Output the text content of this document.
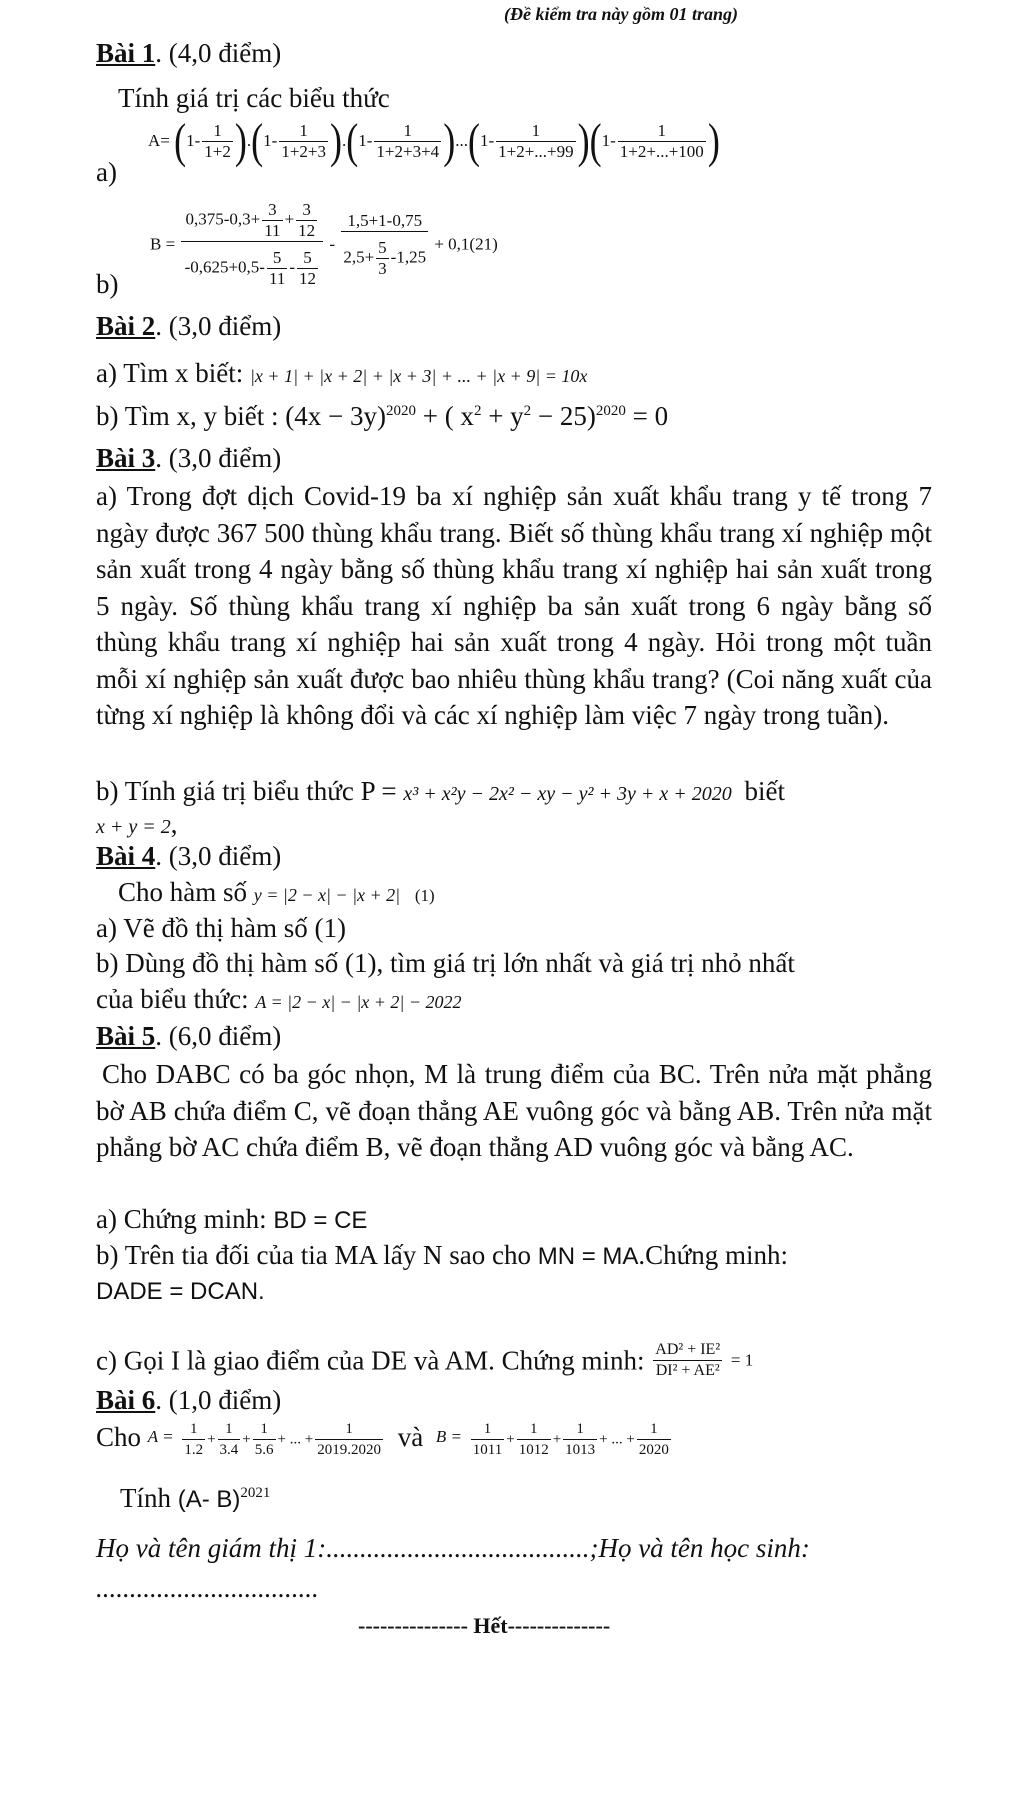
(Đề kiểm tra này gồm 01 trang)
Bài 1. (4,0 điểm)
Tính giá trị các biểu thức
a)
$A= (1- \frac{1}{1+2} ).(1- \frac{1}{1+2+3} ).(1- \frac{1}{1+2+3+4} )...(1- \frac{1}{1+2+...+99} )(1- \frac{1}{1+2+...+100}$ )
b)
$B = \frac{0,375-0,3+ \frac{3}{11} + \frac{3}{12}}{-0,625+0,5- \frac{5}{11} - \frac{5}{12}} - \frac{1,5+1-0,75}{2,5+ \frac{5}{3} -1,25} + 0,1(21)$
Bài 2. (3,0 điểm)
a) Tìm x biết: |x + 1| + |x + 2| + |x + 3| + ... + |x + 9| = 10x
b) Tìm x, y biết : $(4x - 3y)^{2020}$ + ( $x^2 + y^2 - 25)^{2020} = 0$
Bài 3. (3,0 điểm)
a) Trong đợt dịch Covid-19 ba xí nghiệp sản xuất khẩu trang y tế trong 7 ngày được 367 500 thùng khẩu trang. Biết số thùng khẩu trang xí nghiệp một sản xuất trong 4 ngày bằng số thùng khẩu trang xí nghiệp hai sản xuất trong 5 ngày. Số thùng khẩu trang xí nghiệp ba sản xuất trong 6 ngày bằng số thùng khẩu trang xí nghiệp hai sản xuất trong 4 ngày. Hỏi trong một tuần mỗi xí nghiệp sản xuất được bao nhiêu thùng khẩu trang? (Coi năng xuất của từng xí nghiệp là không đổi và các xí nghiệp làm việc 7 ngày trong tuần).
b) Tính giá trị biểu thức P = x³ + x²y − 2x² − xy − y² + 3y + x + 2020 biết
x + y = 2,
Bài 4. (3,0 điểm)
Cho hàm số y = |2 − x| − |x + 2| (1)
a) Vẽ đồ thị hàm số (1)
b) Dùng đồ thị hàm số (1), tìm giá trị lớn nhất và giá trị nhỏ nhất
của biểu thức: A = |2 − x| − |x + 2| − 2022
Bài 5. (6,0 điểm)
Cho DABC có ba góc nhọn, M là trung điểm của BC. Trên nửa mặt phẳng bờ AB chứa điểm C, vẽ đoạn thẳng AE vuông góc và bằng AB. Trên nửa mặt phẳng bờ AC chứa điểm B, vẽ đoạn thẳng AD vuông góc và bằng AC.
a) Chứng minh: BD = CE
b) Trên tia đối của tia MA lấy N sao cho MN = MA.Chứng minh:
DADE = DCAN.
c) Gọi I là giao điểm của DE và AM. Chứng minh: $\frac{\text{AD² + IE²}}{\text{DI² + AE²}} = 1$
Bài 6. (1,0 điểm)
Cho $A = \frac{1}{1.2} + \frac{1}{3.4} + \frac{1}{5.6}$ + ... + $\frac{1}{2019.2020}$ và $B = \frac{1}{1011} + \frac{1}{1012} + \frac{1}{1013}$ + ... + $\frac{1}{2020}$
Tính (A- B)$^{2021}$
Họ và tên giám thị 1:.......................................;Họ và tên học sinh:
.................................
--------------- Hết--------------
